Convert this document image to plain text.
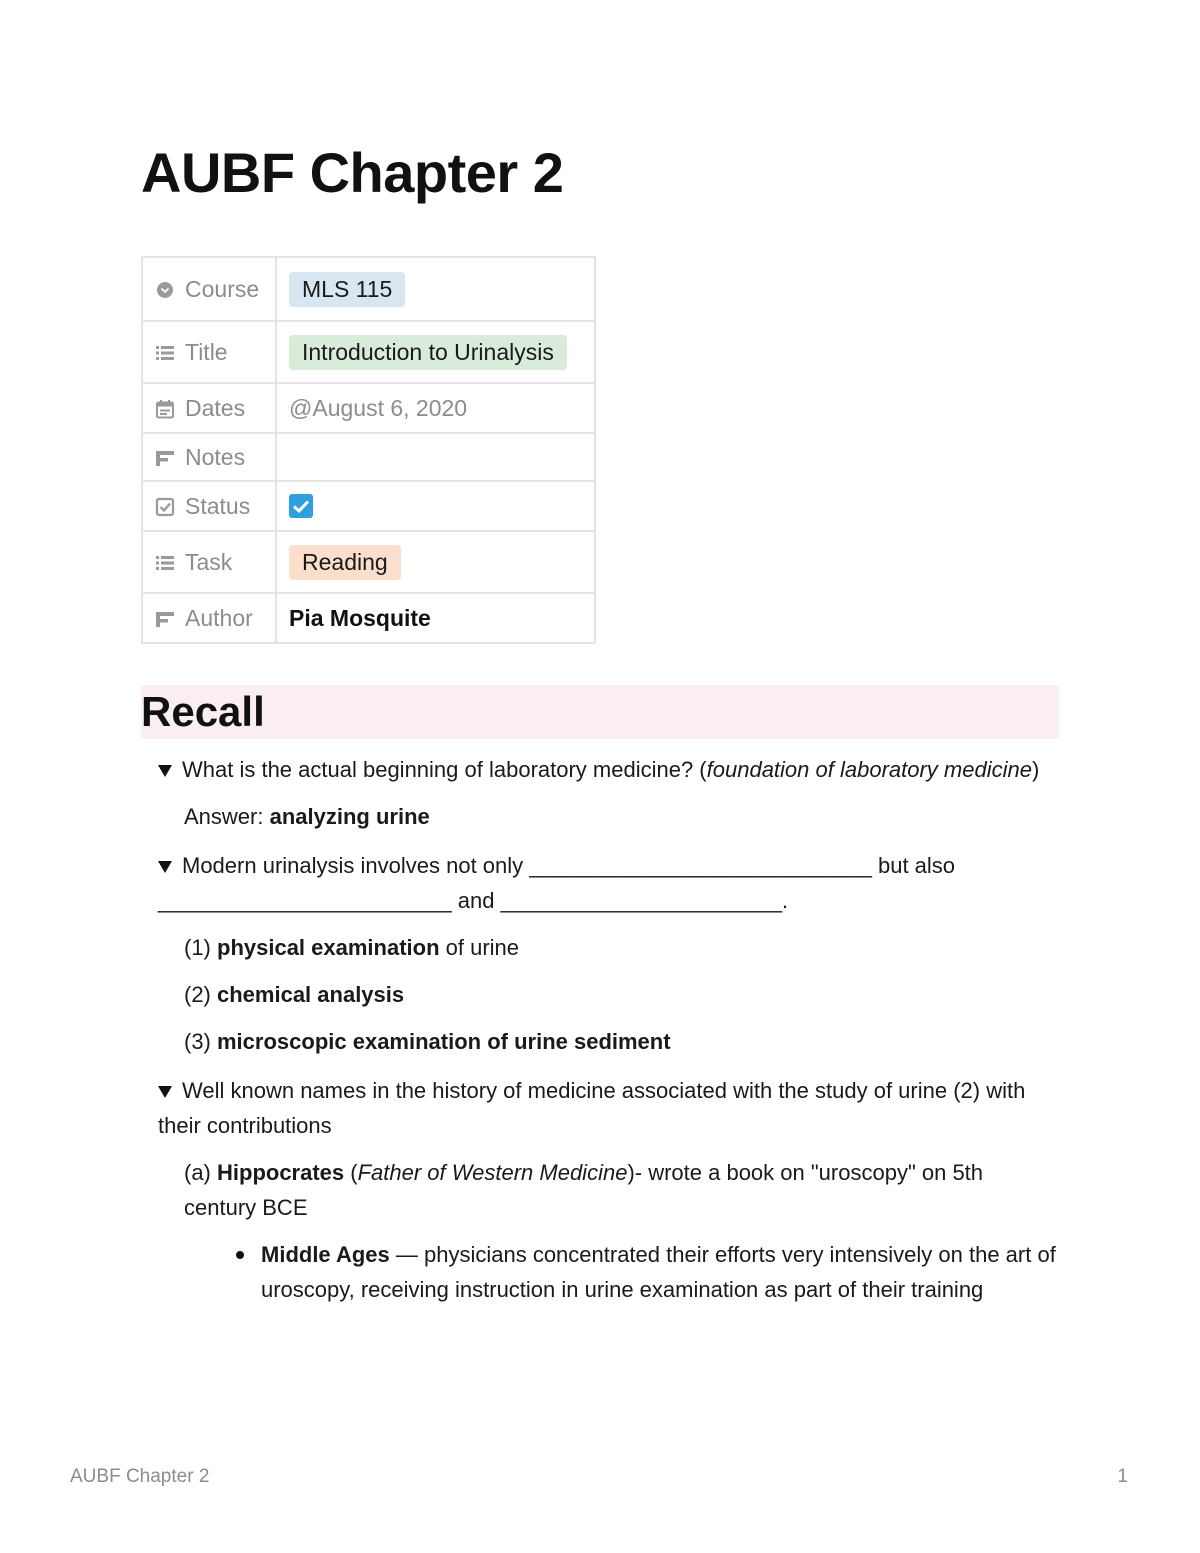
AUBF Chapter 2
Course	MLS 115

Title	Introduction to Urinalysis

Dates	@August 6, 2020

Notes	

Status	

Task	Reading

Author	Pia Mosquite
Recall

What is the actual beginning of laboratory medicine? (foundation of laboratory medicine)

Answer: analyzing urine

Modern urinalysis involves not only ____________________________ but also ________________________ and _______________________.

(1) physical examination of urine

(2) chemical analysis

(3) microscopic examination of urine sediment

Well known names in the history of medicine associated with the study of urine (2) with their contributions

(a) Hippocrates (Father of Western Medicine)- wrote a book on "uroscopy" on 5th century BCE

Middle Ages — physicians concentrated their efforts very intensively on the art of uroscopy, receiving instruction in urine examination as part of their training
AUBF Chapter 2	1
